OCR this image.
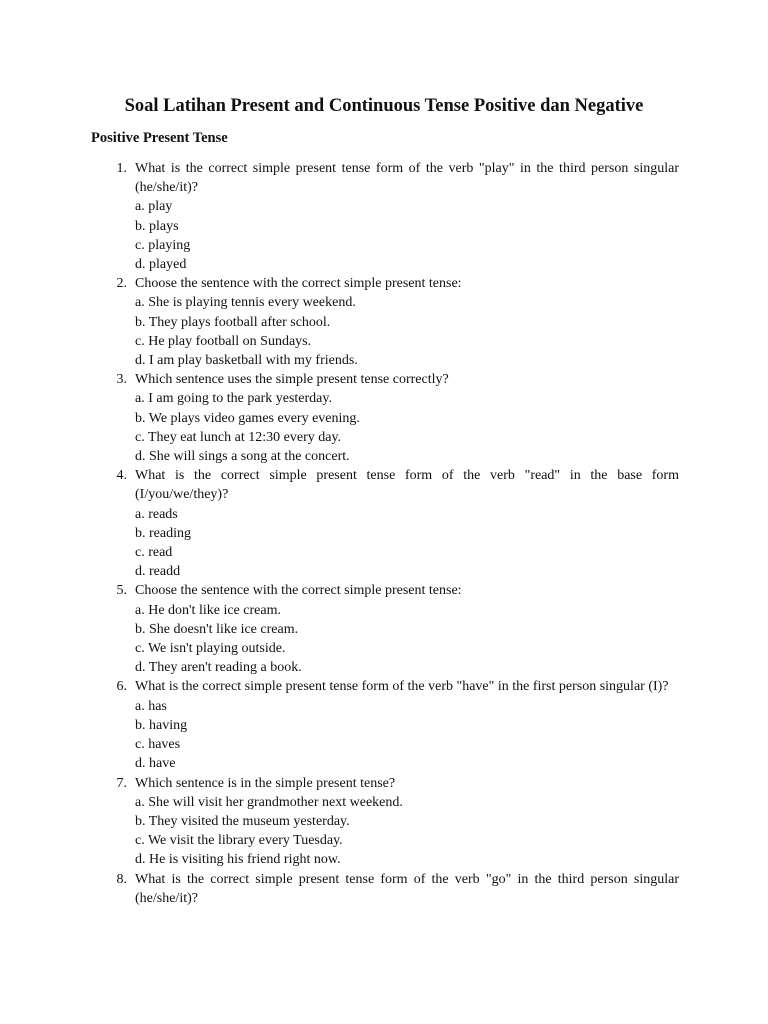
Soal Latihan Present and Continuous Tense Positive dan Negative
Positive Present Tense
1. What is the correct simple present tense form of the verb "play" in the third person singular (he/she/it)?
a. play
b. plays
c. playing
d. played
2. Choose the sentence with the correct simple present tense:
a. She is playing tennis every weekend.
b. They plays football after school.
c. He play football on Sundays.
d. I am play basketball with my friends.
3. Which sentence uses the simple present tense correctly?
a. I am going to the park yesterday.
b. We plays video games every evening.
c. They eat lunch at 12:30 every day.
d. She will sings a song at the concert.
4. What is the correct simple present tense form of the verb "read" in the base form (I/you/we/they)?
a. reads
b. reading
c. read
d. readd
5. Choose the sentence with the correct simple present tense:
a. He don't like ice cream.
b. She doesn't like ice cream.
c. We isn't playing outside.
d. They aren't reading a book.
6. What is the correct simple present tense form of the verb "have" in the first person singular (I)?
a. has
b. having
c. haves
d. have
7. Which sentence is in the simple present tense?
a. She will visit her grandmother next weekend.
b. They visited the museum yesterday.
c. We visit the library every Tuesday.
d. He is visiting his friend right now.
8. What is the correct simple present tense form of the verb "go" in the third person singular (he/she/it)?
